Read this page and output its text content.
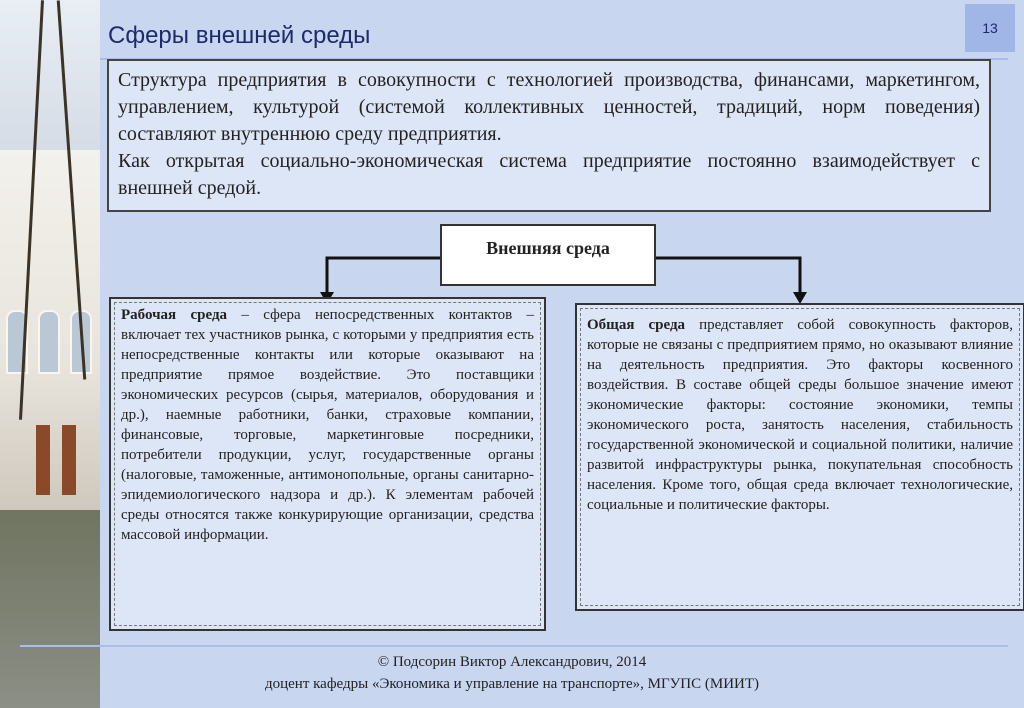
Сферы внешней среды	13

Структура предприятия в совокупности с технологией производства, финансами, маркетингом, управлением, культурой (системой коллективных ценностей, традиций, норм поведения) составляют внутреннюю среду предприятия.

Как открытая социально-экономическая система предприятие постоянно взаимодействует с внешней средой.

Внешняя среда

Рабочая среда – сфера непосредственных контактов – включает тех участников рынка, с которыми у предприятия есть непосредственные контакты или которые оказывают на предприятие прямое воздействие. Это поставщики экономических ресурсов (сырья, материалов, оборудования и др.), наемные работники, банки, страховые компании, финансовые, торговые, маркетинговые посредники, потребители продукции, услуг, государственные органы (налоговые, таможенные, антимонопольные, органы санитарно-эпидемиологического надзора и др.). К элементам рабочей среды относятся также конкурирующие организации, средства массовой информации.

Общая среда представляет собой совокупность факторов, которые не связаны с предприятием прямо, но оказывают влияние на деятельность предприятия. Это факторы косвенного воздействия. В составе общей среды большое значение имеют экономические факторы: состояние экономики, темпы экономического роста, занятость населения, стабильность государственной экономической и социальной политики, наличие развитой инфраструктуры рынка, покупательная способность населения. Кроме того, общая среда включает технологические, социальные и политические факторы.

© Подсорин Виктор Александрович, 2014
доцент кафедры «Экономика и управление на транспорте», МГУПС (МИИТ)
